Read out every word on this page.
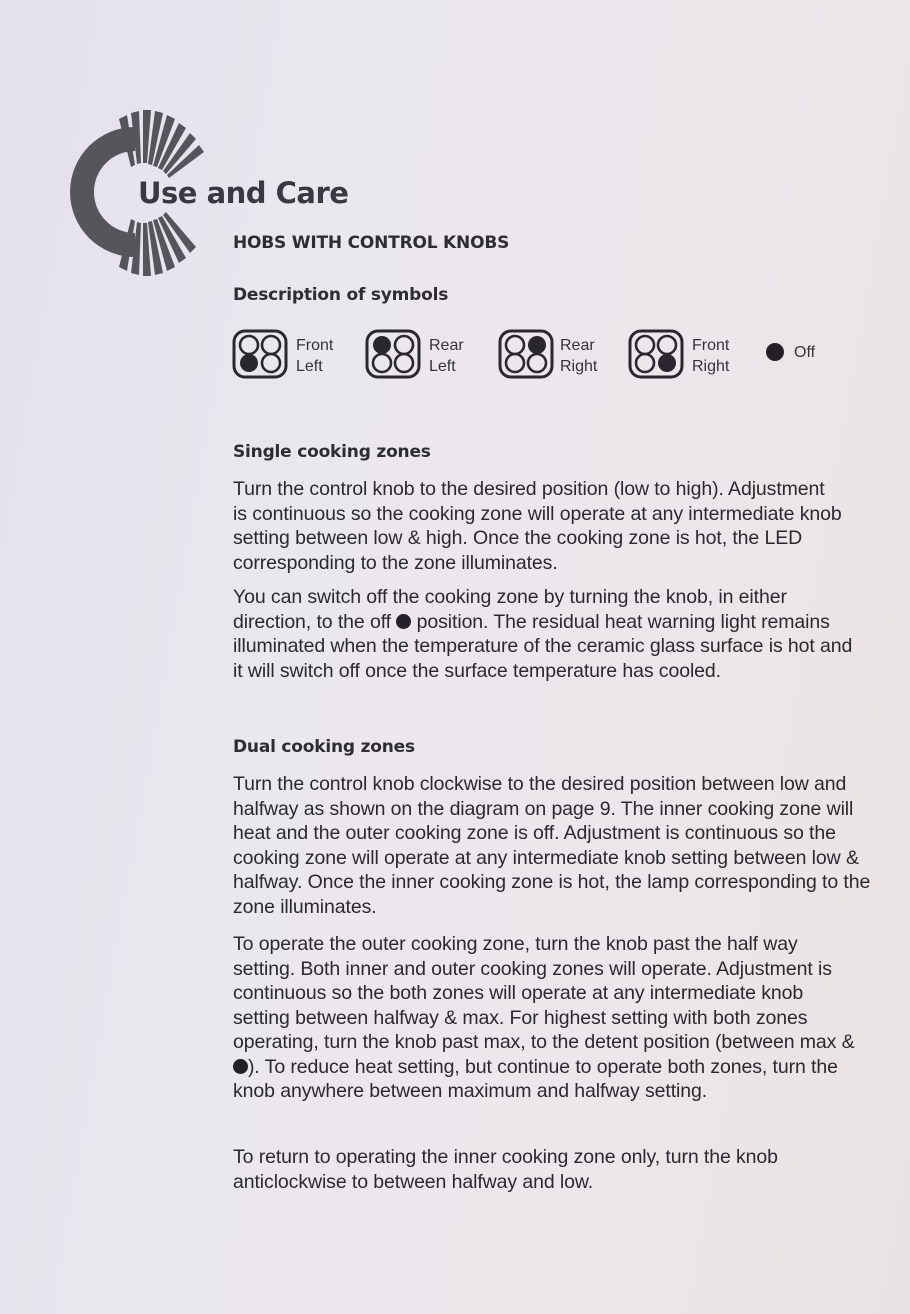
Use and Care
HOBS WITH CONTROL KNOBS
Description of symbols
Front
Left
Rear
Left
Rear
Right
Front
Right
Off
Single cooking zones

Turn the control knob to the desired position (low to high). Adjustment is continuous so the cooking zone will operate at any intermediate knob setting between low & high. Once the cooking zone is hot, the LED corresponding to the zone illuminates.

You can switch off the cooking zone by turning the knob, in either direction, to the off position. The residual heat warning light remains illuminated when the temperature of the ceramic glass surface is hot and it will switch off once the surface temperature has cooled.

Dual cooking zones

Turn the control knob clockwise to the desired position between low and halfway as shown on the diagram on page 9. The inner cooking zone will heat and the outer cooking zone is off. Adjustment is continuous so the cooking zone will operate at any intermediate knob setting between low & halfway. Once the inner cooking zone is hot, the lamp corresponding to the zone illuminates.

To operate the outer cooking zone, turn the knob past the half way setting. Both inner and outer cooking zones will operate. Adjustment is continuous so the both zones will operate at any intermediate knob setting between halfway & max. For highest setting with both zones operating, turn the knob past max, to the detent position (between max &). To reduce heat setting, but continue to operate both zones, turn the knob anywhere between maximum and halfway setting.

To return to operating the inner cooking zone only, turn the knob anticlockwise to between halfway and low.
